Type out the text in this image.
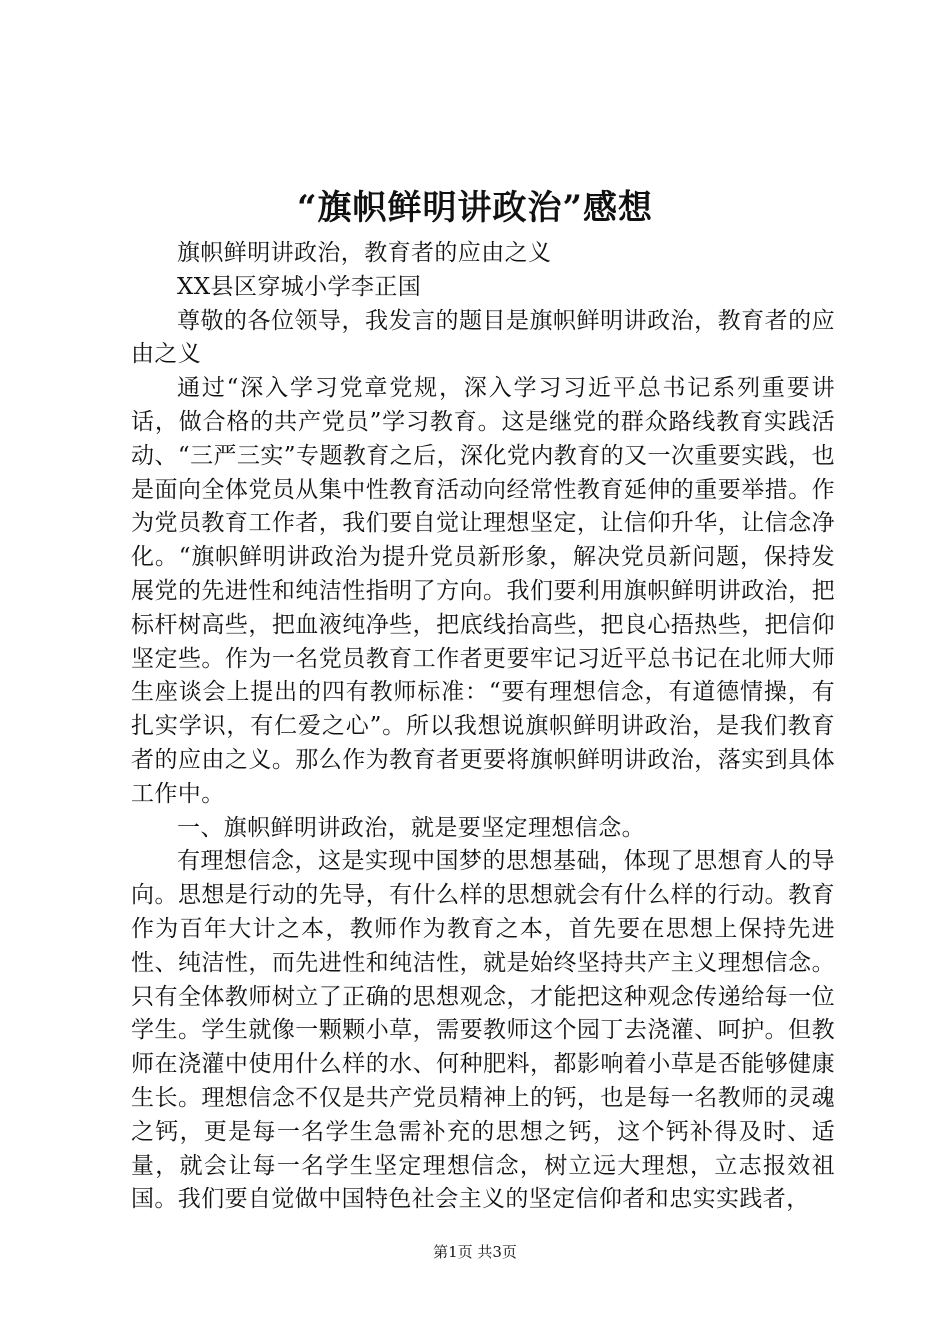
“旗帜鲜明讲政治”感想

旗帜鲜明讲政治，教育者的应由之义

XX县区穿城小学李正国

尊敬的各位领导，我发言的题目是旗帜鲜明讲政治，教育者的应由之义

通过“深入学习党章党规，深入学习习近平总书记系列重要讲话，做合格的共产党员”学习教育。这是继党的群众路线教育实践活动、“三严三实”专题教育之后，深化党内教育的又一次重要实践，也是面向全体党员从集中性教育活动向经常性教育延伸的重要举措。作为党员教育工作者，我们要自觉让理想坚定，让信仰升华，让信念净化。“旗帜鲜明讲政治为提升党员新形象，解决党员新问题，保持发展党的先进性和纯洁性指明了方向。我们要利用旗帜鲜明讲政治，把标杆树高些，把血液纯净些，把底线抬高些，把良心捂热些，把信仰坚定些。作为一名党员教育工作者更要牢记习近平总书记在北师大师生座谈会上提出的四有教师标准：“要有理想信念，有道德情操，有扎实学识，有仁爱之心”。所以我想说旗帜鲜明讲政治，是我们教育者的应由之义。那么作为教育者更要将旗帜鲜明讲政治，落实到具体工作中。

一、旗帜鲜明讲政治，就是要坚定理想信念。

有理想信念，这是实现中国梦的思想基础，体现了思想育人的导向。思想是行动的先导，有什么样的思想就会有什么样的行动。教育作为百年大计之本，教师作为教育之本，首先要在思想上保持先进性、纯洁性，而先进性和纯洁性，就是始终坚持共产主义理想信念。只有全体教师树立了正确的思想观念，才能把这种观念传递给每一位学生。学生就像一颗颗小草，需要教师这个园丁去浇灌、呵护。但教师在浇灌中使用什么样的水、何种肥料，都影响着小草是否能够健康生长。理想信念不仅是共产党员精神上的钙，也是每一名教师的灵魂之钙，更是每一名学生急需补充的思想之钙，这个钙补得及时、适量，就会让每一名学生坚定理想信念，树立远大理想，立志报效祖国。我们要自觉做中国特色社会主义的坚定信仰者和忠实实践者，

第1页 共3页
